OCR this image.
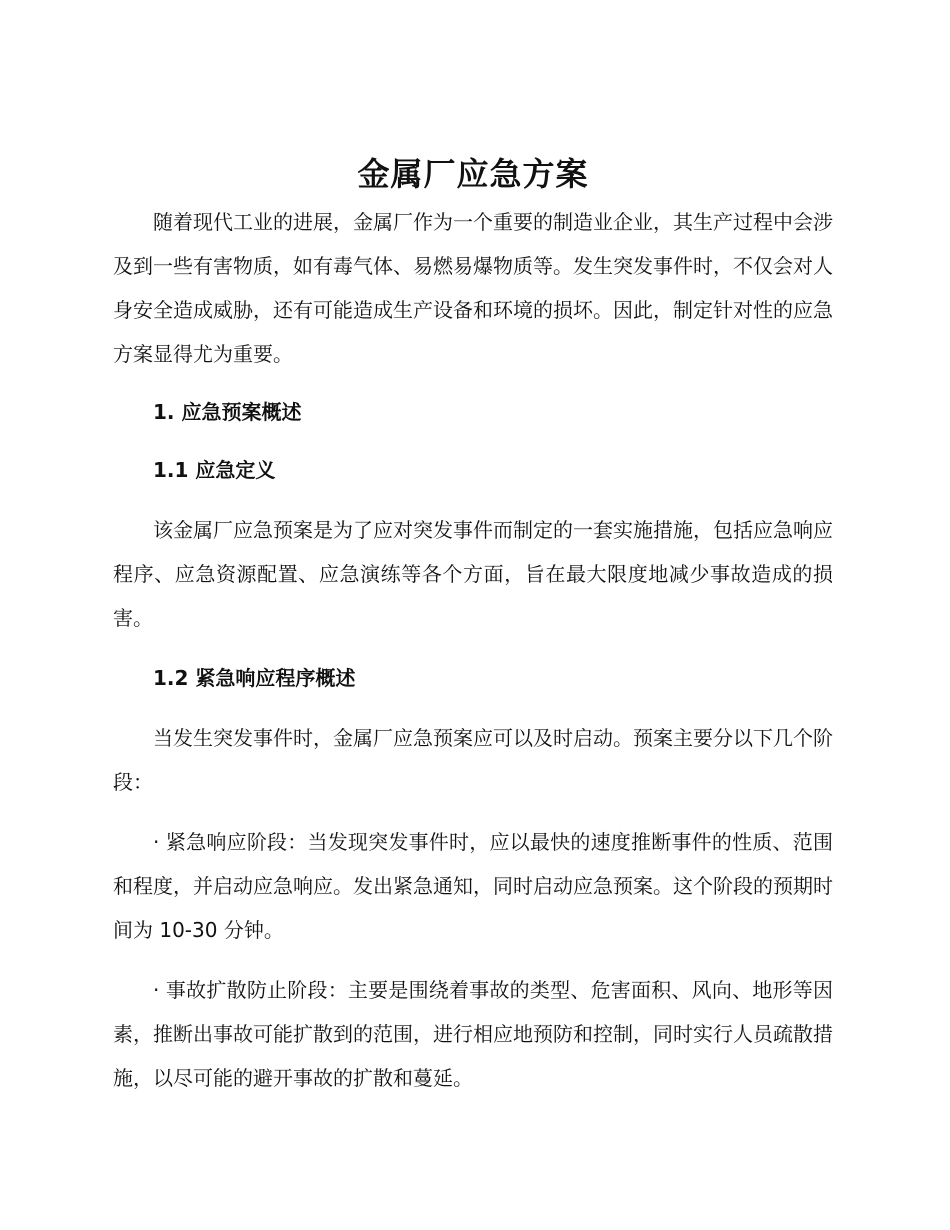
金属厂应急方案

随着现代工业的进展，金属厂作为一个重要的制造业企业，其生产过程中会涉及到一些有害物质，如有毒气体、易燃易爆物质等。发生突发事件时，不仅会对人身安全造成威胁，还有可能造成生产设备和环境的损坏。因此，制定针对性的应急方案显得尤为重要。

1. 应急预案概述

1.1 应急定义

该金属厂应急预案是为了应对突发事件而制定的一套实施措施，包括应急响应程序、应急资源配置、应急演练等各个方面，旨在最大限度地减少事故造成的损害。

1.2 紧急响应程序概述

当发生突发事件时，金属厂应急预案应可以及时启动。预案主要分以下几个阶段：

· 紧急响应阶段：当发现突发事件时，应以最快的速度推断事件的性质、范围和程度，并启动应急响应。发出紧急通知，同时启动应急预案。这个阶段的预期时间为 10-30 分钟。

· 事故扩散防止阶段：主要是围绕着事故的类型、危害面积、风向、地形等因素，推断出事故可能扩散到的范围，进行相应地预防和控制，同时实行人员疏散措施，以尽可能的避开事故的扩散和蔓延。
